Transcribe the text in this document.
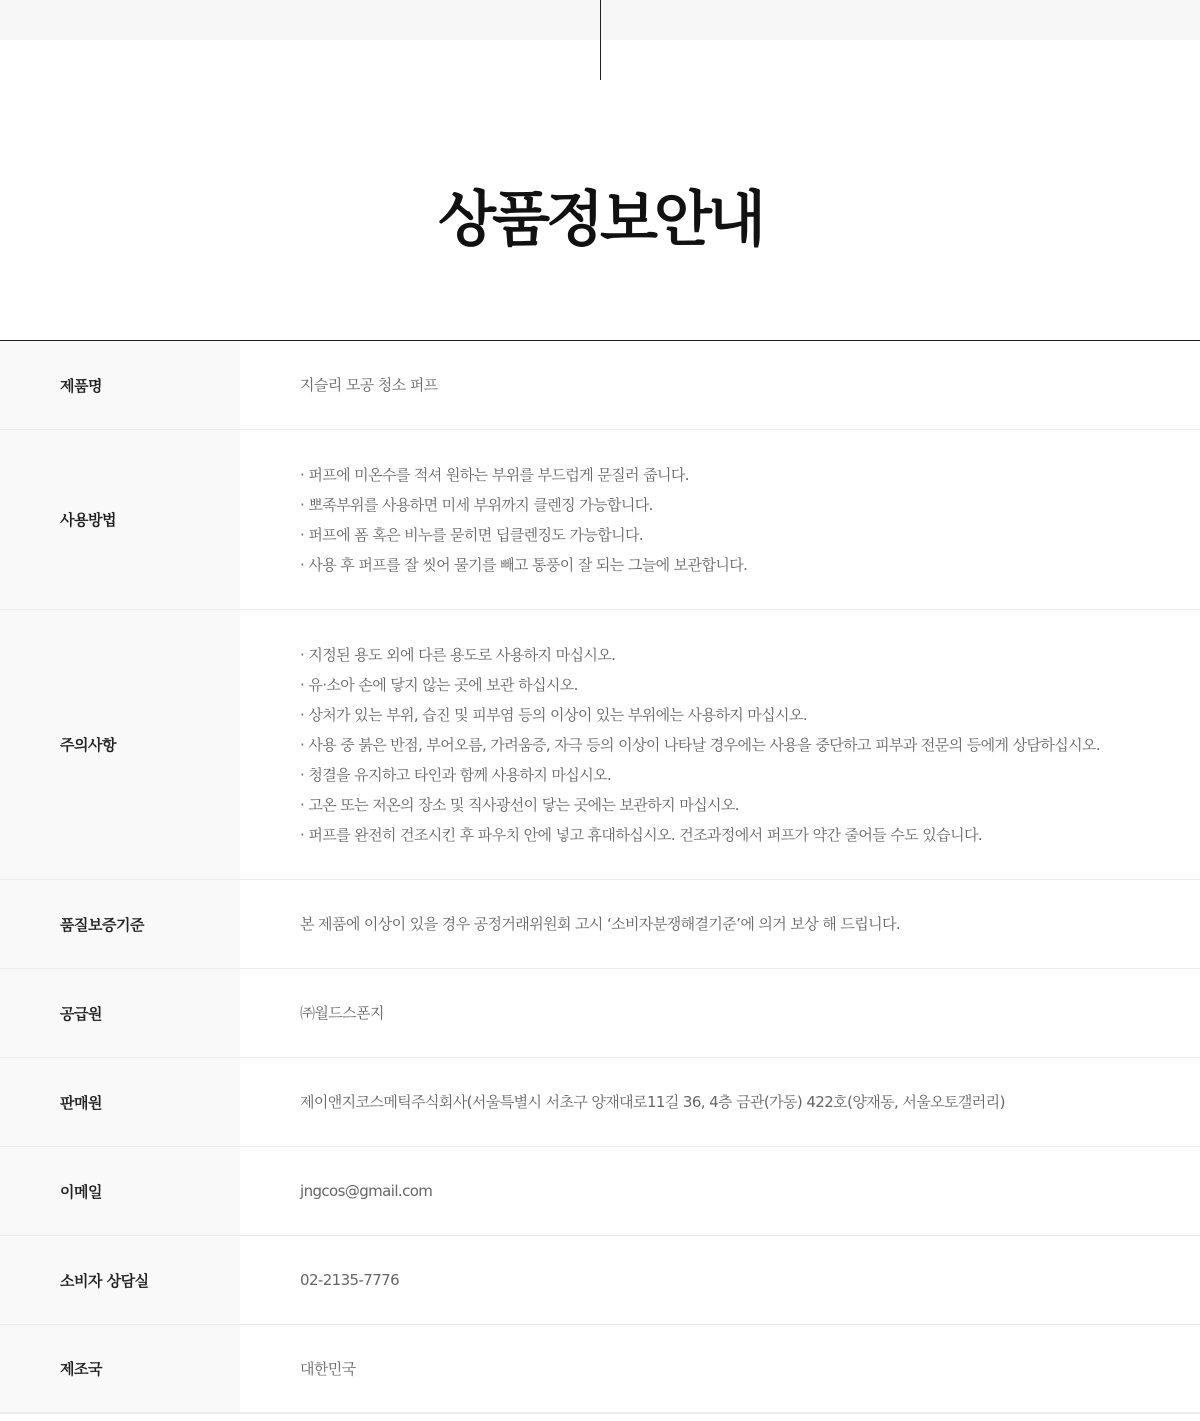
상품정보안내
제품명	지슬리 모공 청소 퍼프
사용방법
· 퍼프에 미온수를 적셔 원하는 부위를 부드럽게 문질러 줍니다.
· 뽀족부위를 사용하면 미세 부위까지 클렌징 가능합니다.
· 퍼프에 폼 혹은 비누를 묻히면 딥클렌징도 가능합니다.
· 사용 후 퍼프를 잘 씻어 물기를 빼고 통풍이 잘 되는 그늘에 보관합니다.
주의사항
· 지정된 용도 외에 다른 용도로 사용하지 마십시오.
· 유·소아 손에 닿지 않는 곳에 보관 하십시오.
· 상처가 있는 부위, 습진 및 피부염 등의 이상이 있는 부위에는 사용하지 마십시오.
· 사용 중 붉은 반점, 부어오름, 가려움증, 자극 등의 이상이 나타날 경우에는 사용을 중단하고 피부과 전문의 등에게 상담하십시오.
· 청결을 유지하고 타인과 함께 사용하지 마십시오.
· 고온 또는 저온의 장소 및 직사광선이 닿는 곳에는 보관하지 마십시오.
· 퍼프를 완전히 건조시킨 후 파우치 안에 넣고 휴대하십시오. 건조과정에서 퍼프가 약간 줄어들 수도 있습니다.
품질보증기준	본 제품에 이상이 있을 경우 공정거래위원회 고시 ‘소비자분쟁해결기준’에 의거 보상 해 드립니다.
공급원	㈜월드스폰지
판매원	제이앤지코스메틱주식회사(서울특별시 서초구 양재대로11길 36, 4층 금관(가동) 422호(양재동, 서울오토갤러리)
이메일	jngcos@gmail.com
소비자 상담실	02-2135-7776
제조국	대한민국
